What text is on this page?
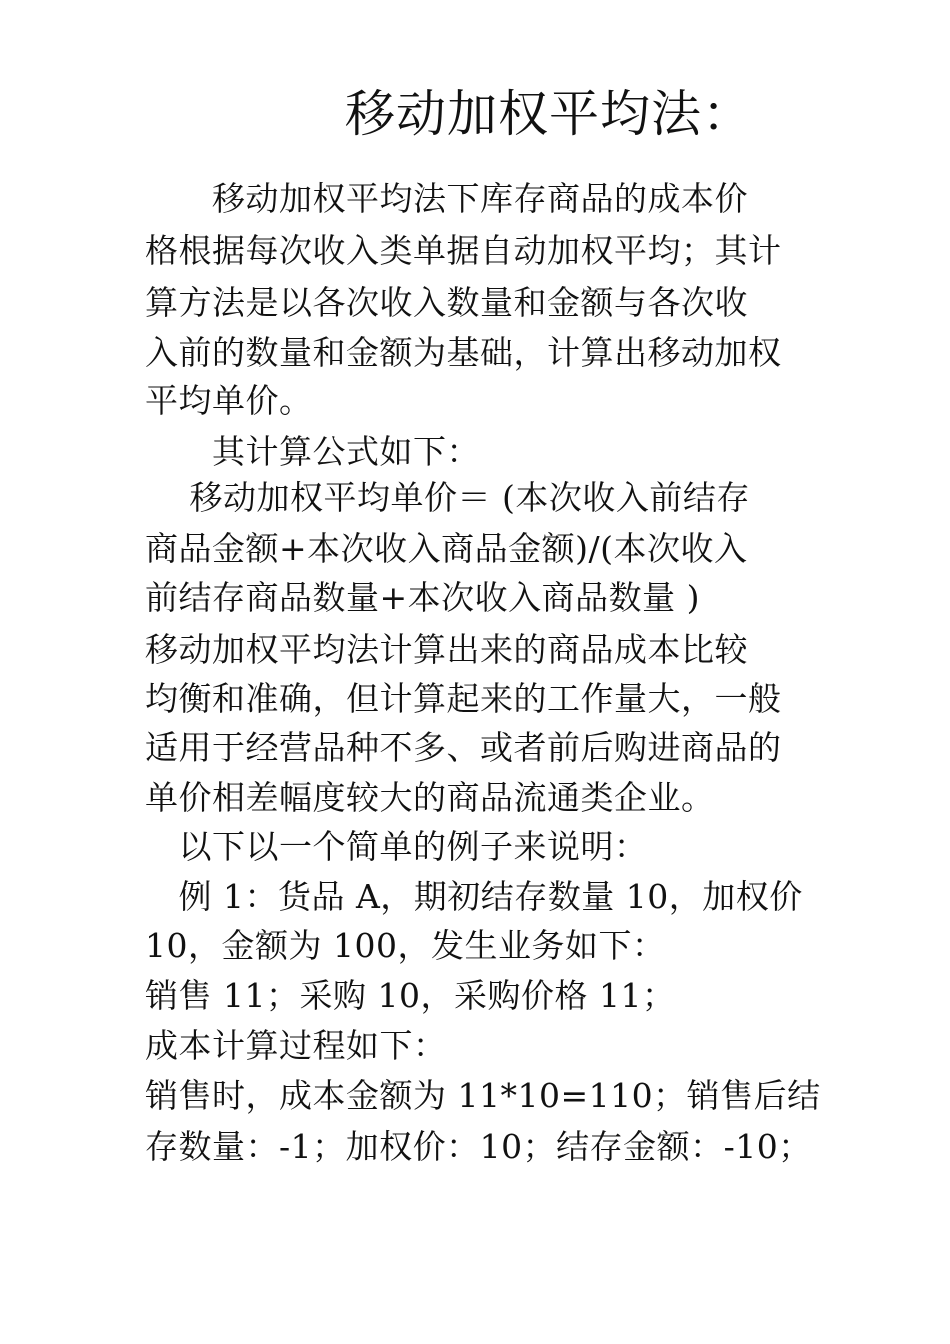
移动加权平均法：
　　移动加权平均法下库存商品的成本价
格根据每次收入类单据自动加权平均；其计
算方法是以各次收入数量和金额与各次收
入前的数量和金额为基础，计算出移动加权
平均单价。
　　其计算公式如下：
　 移动加权平均单价＝ (本次收入前结存
商品金额+本次收入商品金额)/(本次收入
前结存商品数量+本次收入商品数量 )
移动加权平均法计算出来的商品成本比较
均衡和准确，但计算起来的工作量大，一般
适用于经营品种不多、或者前后购进商品的
单价相差幅度较大的商品流通类企业。
　以下以一个简单的例子来说明：
　例 1：货品 A，期初结存数量 10，加权价
10，金额为 100，发生业务如下：
销售 11；采购 10，采购价格 11；
成本计算过程如下：
销售时，成本金额为 11*10=110；销售后结
存数量：-1；加权价：10；结存金额：-10；
